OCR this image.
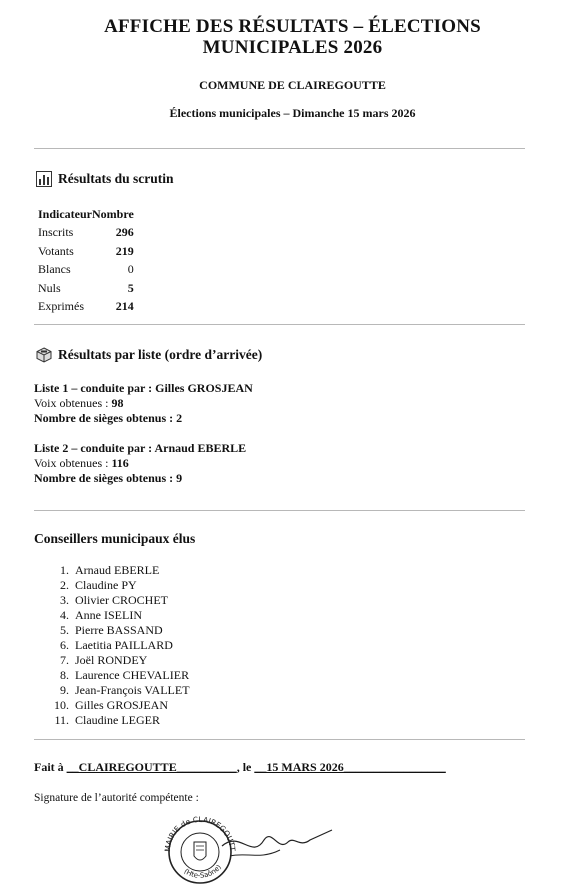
AFFICHE DES RÉSULTATS – ÉLECTIONS
MUNICIPALES 2026
COMMUNE DE CLAIREGOUTTE
Élections municipales – Dimanche 15 mars 2026
Résultats du scrutin
Indicateur	Nombre
Inscrits	296
Votants	219
Blancs	0
Nuls	5
Exprimés	214
Résultats par liste (ordre d’arrivée)
Liste 1 – conduite par : Gilles GROSJEAN
Voix obtenues : 98
Nombre de sièges obtenus : 2
Liste 2 – conduite par : Arnaud EBERLE
Voix obtenues : 116
Nombre de sièges obtenus : 9
Conseillers municipaux élus
1. Arnaud EBERLE
2. Claudine PY
3. Olivier CROCHET
4. Anne ISELIN
5. Pierre BASSAND
6. Laetitia PAILLARD
7. Joël RONDEY
8. Laurence CHEVALIER
9. Jean-François VALLET
10. Gilles GROSJEAN
11. Claudine LEGER
Fait à __CLAIREGOUTTE__________, le __15 MARS 2026_________________
Signature de l’autorité compétente :
MAIRIE de CLAIREGOUTT
(Hte-Saône)
